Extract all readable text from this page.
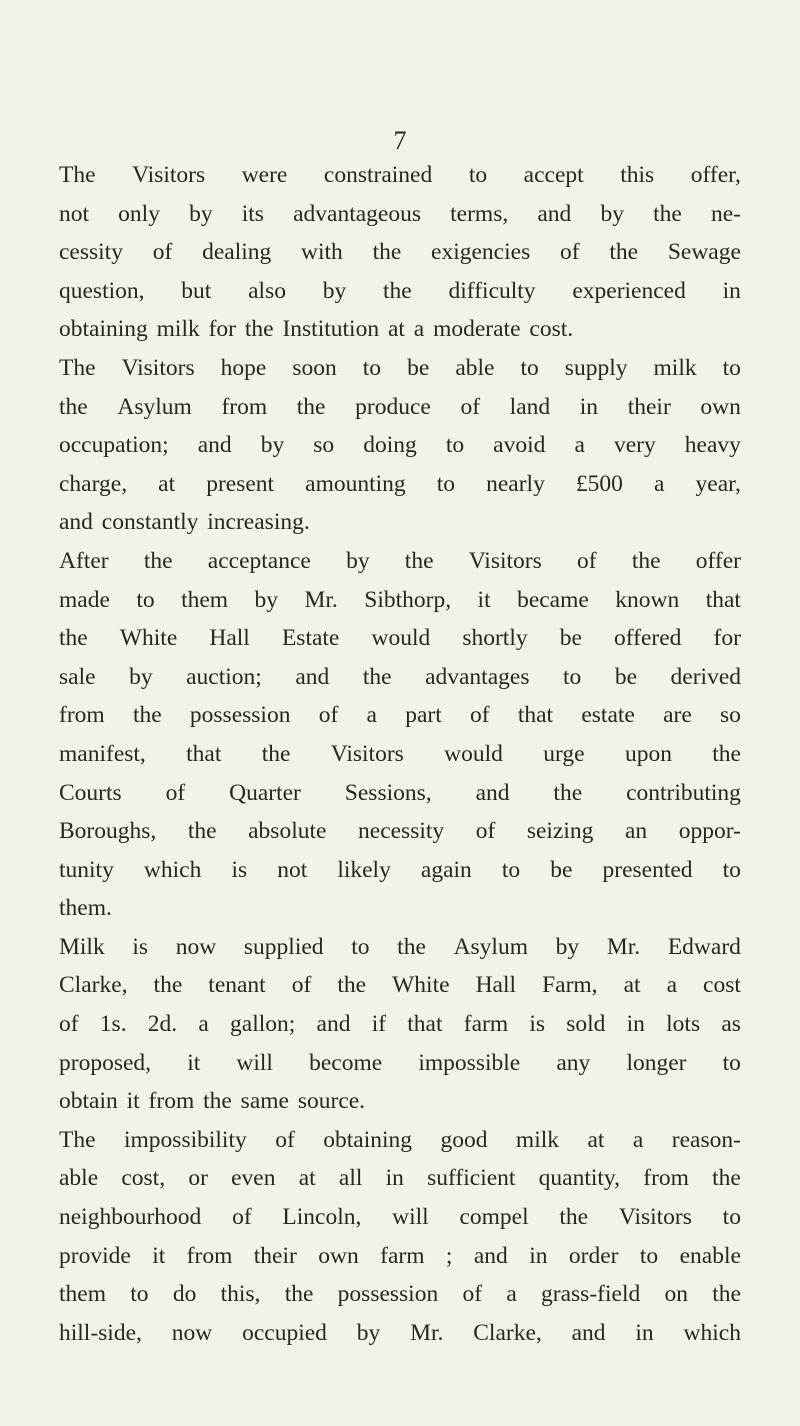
7

The Visitors were constrained to accept this offer,
not only by its advantageous terms, and by the ne-
cessity of dealing with the exigencies of the Sewage
question, but also by the difficulty experienced in
obtaining milk for the Institution at a moderate cost.
The Visitors hope soon to be able to supply milk to
the Asylum from the produce of land in their own
occupation; and by so doing to avoid a very heavy
charge, at present amounting to nearly £500 a year,
and constantly increasing.
After the acceptance by the Visitors of the offer
made to them by Mr. Sibthorp, it became known that
the White Hall Estate would shortly be offered for
sale by auction; and the advantages to be derived
from the possession of a part of that estate are so
manifest, that the Visitors would urge upon the
Courts of Quarter Sessions, and the contributing
Boroughs, the absolute necessity of seizing an oppor-
tunity which is not likely again to be presented to
them.
Milk is now supplied to the Asylum by Mr. Edward
Clarke, the tenant of the White Hall Farm, at a cost
of 1s. 2d. a gallon; and if that farm is sold in lots as
proposed, it will become impossible any longer to
obtain it from the same source.
The impossibility of obtaining good milk at a reason-
able cost, or even at all in sufficient quantity, from the
neighbourhood of Lincoln, will compel the Visitors to
provide it from their own farm ; and in order to enable
them to do this, the possession of a grass-field on the
hill-side, now occupied by Mr. Clarke, and in which
